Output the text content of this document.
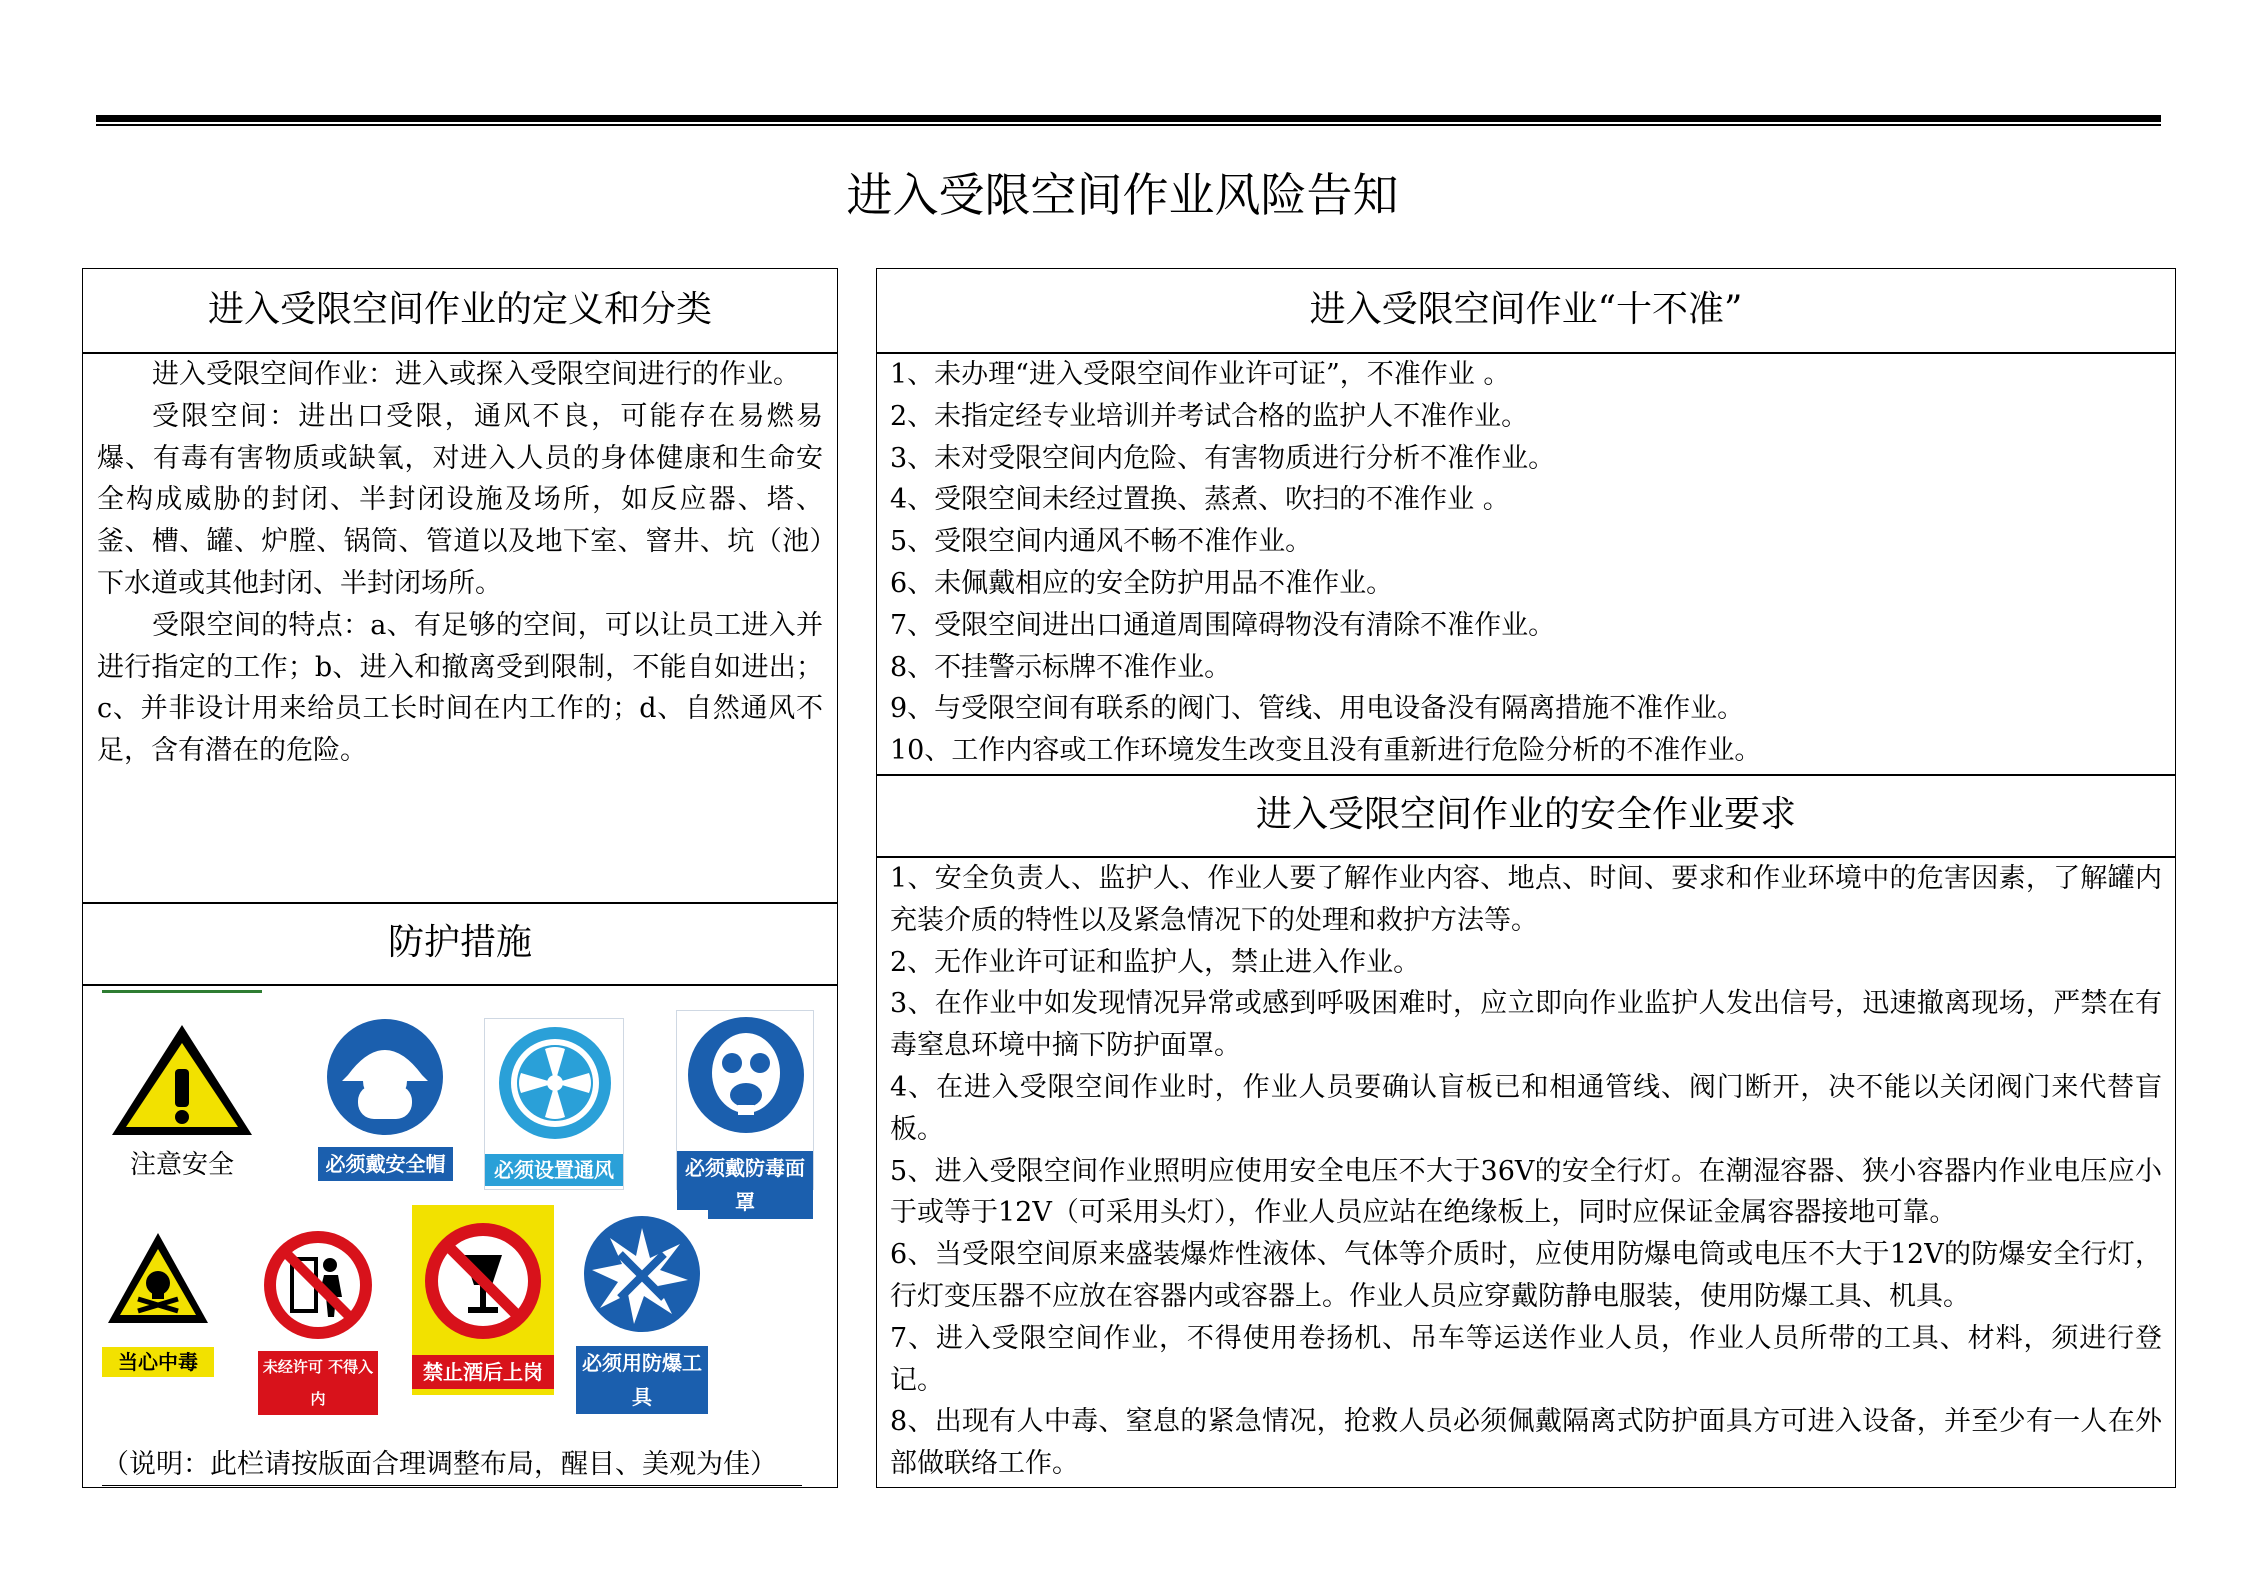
进入受限空间作业风险告知
进入受限空间作业的定义和分类

进入受限空间作业：进入或探入受限空间进行的作业。

受限空间：进出口受限，通风不良，可能存在易燃易爆、有毒有害物质或缺氧，对进入人员的身体健康和生命安全构成威胁的封闭、半封闭设施及场所，如反应器、塔、釜、槽、罐、炉膛、锅筒、管道以及地下室、窨井、坑（池）下水道或其他封闭、半封闭场所。

受限空间的特点：a、有足够的空间，可以让员工进入并进行指定的工作；b、进入和撤离受到限制，不能自如进出；c、并非设计用来给员工长时间在内工作的；d、自然通风不足，含有潜在的危险。

防护措施
注意安全	必须戴安全帽	必须设置通风	必须戴防毒面罩
当心中毒	未经许可 不得入内
禁止酒后上岗	必须用防爆工具
（说明：此栏请按版面合理调整布局，醒目、美观为佳）
进入受限空间作业“十不准”
1、未办理“进入受限空间作业许可证”，不准作业 。
2、未指定经专业培训并考试合格的监护人不准作业。
3、未对受限空间内危险、有害物质进行分析不准作业。
4、受限空间未经过置换、蒸煮、吹扫的不准作业 。
5、受限空间内通风不畅不准作业。
6、未佩戴相应的安全防护用品不准作业。
7、受限空间进出口通道周围障碍物没有清除不准作业。
8、不挂警示标牌不准作业。
9、与受限空间有联系的阀门、管线、用电设备没有隔离措施不准作业。
10、工作内容或工作环境发生改变且没有重新进行危险分析的不准作业。
进入受限空间作业的安全作业要求
1、安全负责人、监护人、作业人要了解作业内容、地点、时间、要求和作业环境中的危害因素，了解罐内充装介质的特性以及紧急情况下的处理和救护方法等。
2、无作业许可证和监护人，禁止进入作业。
3、在作业中如发现情况异常或感到呼吸困难时，应立即向作业监护人发出信号，迅速撤离现场，严禁在有毒窒息环境中摘下防护面罩。
4、在进入受限空间作业时，作业人员要确认盲板已和相通管线、阀门断开，决不能以关闭阀门来代替盲板。
5、进入受限空间作业照明应使用安全电压不大于36V的安全行灯。在潮湿容器、狭小容器内作业电压应小于或等于12V（可采用头灯），作业人员应站在绝缘板上，同时应保证金属容器接地可靠。
6、当受限空间原来盛装爆炸性液体、气体等介质时，应使用防爆电筒或电压不大于12V的防爆安全行灯，行灯变压器不应放在容器内或容器上。作业人员应穿戴防静电服装，使用防爆工具、机具。
7、进入受限空间作业，不得使用卷扬机、吊车等运送作业人员，作业人员所带的工具、材料，须进行登记。
8、出现有人中毒、窒息的紧急情况，抢救人员必须佩戴隔离式防护面具方可进入设备，并至少有一人在外部做联络工作。
